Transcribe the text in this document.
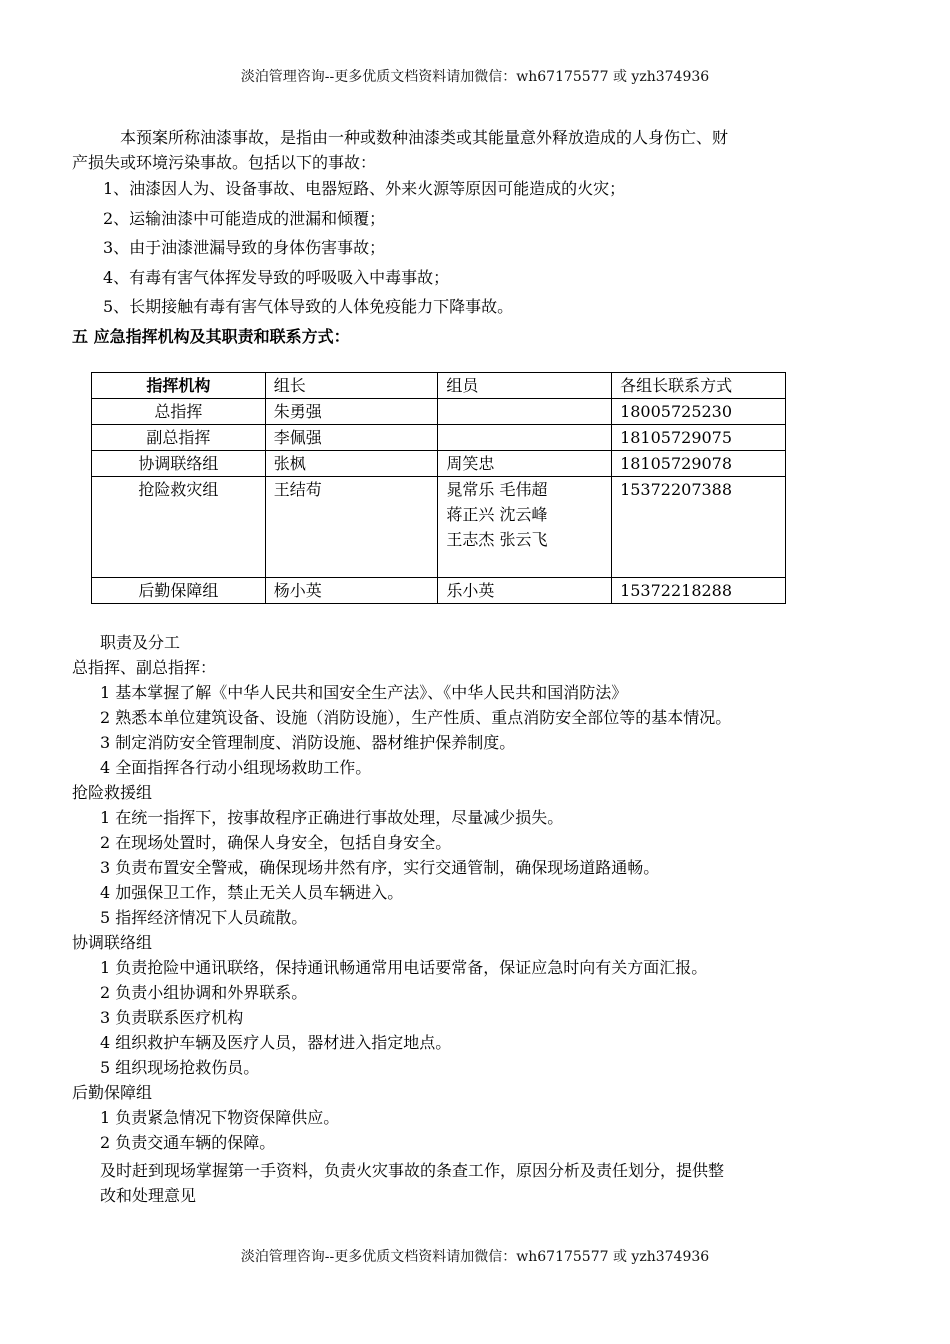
淡泊管理咨询--更多优质文档资料请加微信：wh67175577 或 yzh374936
本预案所称油漆事故，是指由一种或数种油漆类或其能量意外释放造成的人身伤亡、财
产损失或环境污染事故。包括以下的事故：
1、油漆因人为、设备事故、电器短路、外来火源等原因可能造成的火灾；
2、运输油漆中可能造成的泄漏和倾覆；
3、由于油漆泄漏导致的身体伤害事故；
4、有毒有害气体挥发导致的呼吸吸入中毒事故；
5、长期接触有毒有害气体导致的人体免疫能力下降事故。
五 应急指挥机构及其职责和联系方式：
指挥机构	组长	组员	各组长联系方式
总指挥	朱勇强		18005725230
副总指挥	李佩强		18105729075
协调联络组	张枫	周笑忠	18105729078
抢险救灾组	王结苟	晁常乐 毛伟超
蒋正兴 沈云峰
王志杰 张云飞	15372207388
后勤保障组	杨小英	乐小英	15372218288
职责及分工
总指挥、副总指挥：
1 基本掌握了解《中华人民共和国安全生产法》、《中华人民共和国消防法》
2 熟悉本单位建筑设备、设施（消防设施），生产性质、重点消防安全部位等的基本情况。
3 制定消防安全管理制度、消防设施、器材维护保养制度。
4 全面指挥各行动小组现场救助工作。
抢险救援组
1 在统一指挥下，按事故程序正确进行事故处理，尽量减少损失。
2 在现场处置时，确保人身安全，包括自身安全。
3 负责布置安全警戒，确保现场井然有序，实行交通管制，确保现场道路通畅。
4 加强保卫工作，禁止无关人员车辆进入。
5 指挥经济情况下人员疏散。
协调联络组
1 负责抢险中通讯联络，保持通讯畅通常用电话要常备，保证应急时向有关方面汇报。
2 负责小组协调和外界联系。
3 负责联系医疗机构
4 组织救护车辆及医疗人员，器材进入指定地点。
5 组织现场抢救伤员。
后勤保障组
1 负责紧急情况下物资保障供应。
2 负责交通车辆的保障。
及时赶到现场掌握第一手资料，负责火灾事故的条查工作，原因分析及责任划分，提供整
改和处理意见
淡泊管理咨询--更多优质文档资料请加微信：wh67175577 或 yzh374936
